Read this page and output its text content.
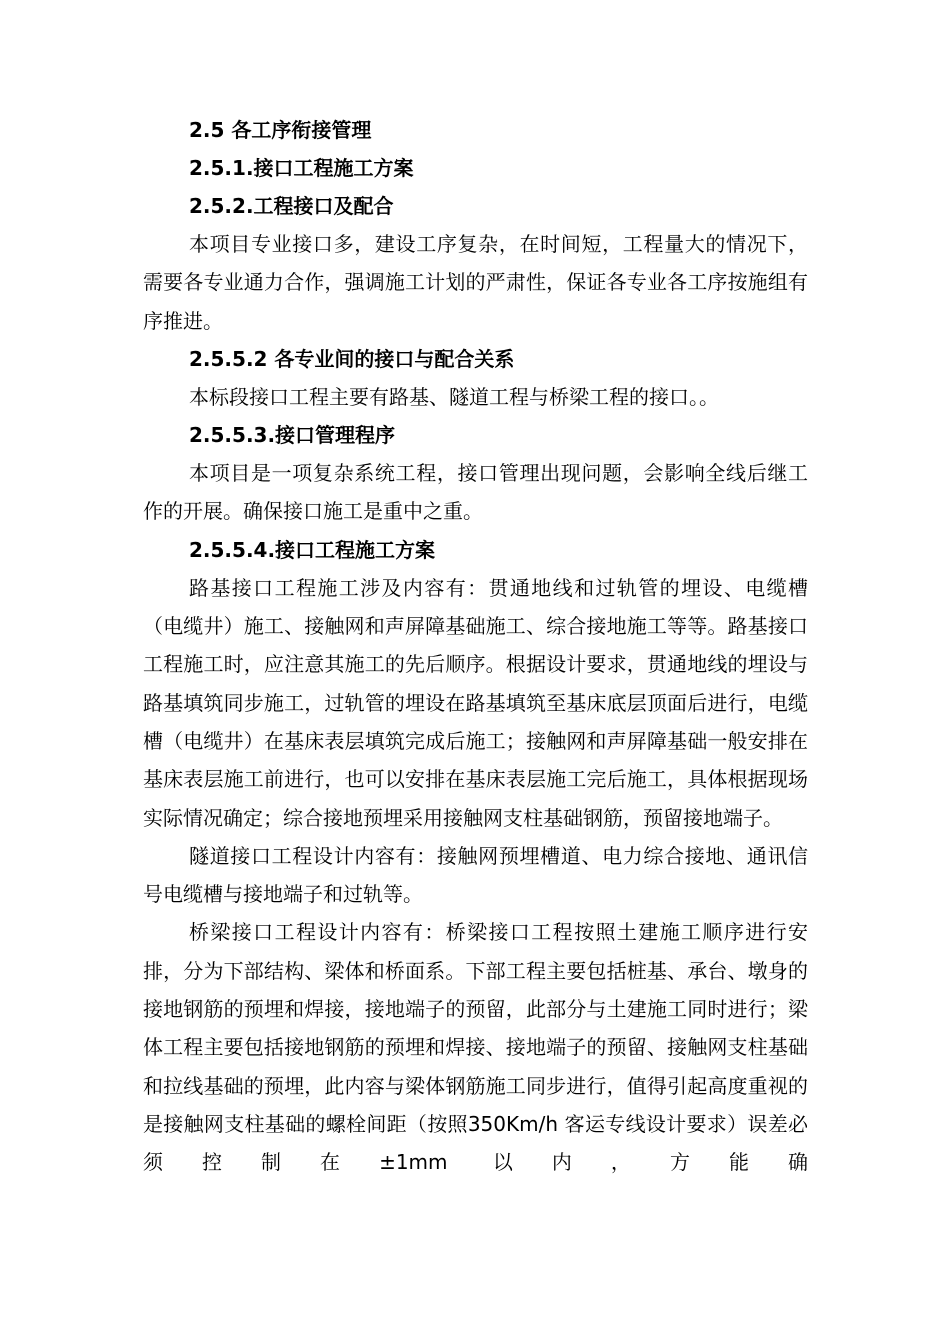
2.5 各工序衔接管理
2.5.1.接口工程施工方案
2.5.2.工程接口及配合
本项目专业接口多，建设工序复杂，在时间短，工程量大的情况下，需要各专业通力合作，强调施工计划的严肃性，保证各专业各工序按施组有序推进。
2.5.5.2 各专业间的接口与配合关系
本标段接口工程主要有路基、隧道工程与桥梁工程的接口。。
2.5.5.3.接口管理程序
本项目是一项复杂系统工程，接口管理出现问题，会影响全线后继工作的开展。确保接口施工是重中之重。
2.5.5.4.接口工程施工方案
路基接口工程施工涉及内容有：贯通地线和过轨管的埋设、电缆槽（电缆井）施工、接触网和声屏障基础施工、综合接地施工等等。路基接口工程施工时，应注意其施工的先后顺序。根据设计要求，贯通地线的埋设与路基填筑同步施工，过轨管的埋设在路基填筑至基床底层顶面后进行，电缆槽（电缆井）在基床表层填筑完成后施工；接触网和声屏障基础一般安排在基床表层施工前进行，也可以安排在基床表层施工完后施工，具体根据现场实际情况确定；综合接地预埋采用接触网支柱基础钢筋，预留接地端子。
隧道接口工程设计内容有：接触网预埋槽道、电力综合接地、通讯信号电缆槽与接地端子和过轨等。
桥梁接口工程设计内容有：桥梁接口工程按照土建施工顺序进行安排，分为下部结构、梁体和桥面系。下部工程主要包括桩基、承台、墩身的接地钢筋的预埋和焊接，接地端子的预留，此部分与土建施工同时进行；梁体工程主要包括接地钢筋的预埋和焊接、接地端子的预留、接触网支柱基础和拉线基础的预埋，此内容与梁体钢筋施工同步进行，值得引起高度重视的是接触网支柱基础的螺栓间距（按照350Km/h 客运专线设计要求）误差必须控制在±1mm 以内，方能确
